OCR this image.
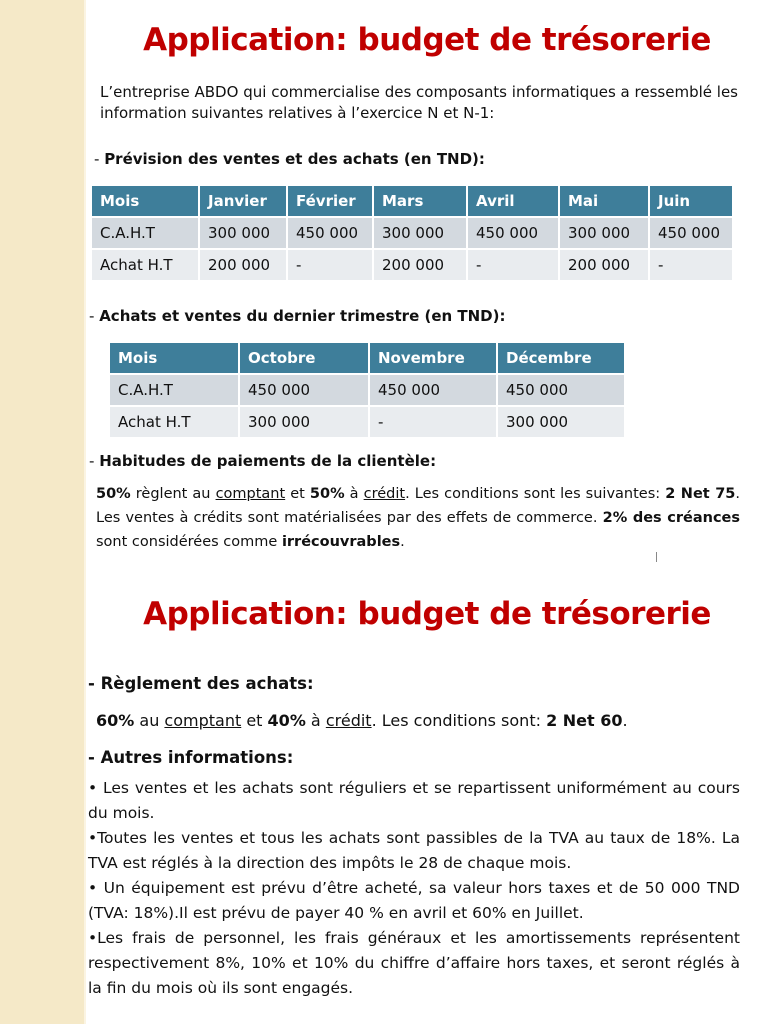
Application: budget de trésorerie
L’entreprise ABDO qui commercialise des composants informatiques a ressemblé les information suivantes relatives à l’exercice N et N-1:
- Prévision des ventes et des achats (en TND):
Mois	Janvier	Février	Mars	Avril	Mai	Juin
C.A.H.T	300 000	450 000	300 000	450 000	300 000	450 000
Achat H.T	200 000	-	200 000	-	200 000	-
- Achats et ventes du dernier trimestre (en TND):
Mois	Octobre	Novembre	Décembre
C.A.H.T	450 000	450 000	450 000
Achat H.T	300 000	-	300 000
- Habitudes de paiements de la clientèle:
50% règlent au comptant et 50% à crédit. Les conditions sont les suivantes: 2 Net 75. Les ventes à crédits sont matérialisées par des effets de commerce. 2% des créances sont considérées comme irrécouvrables.
Application: budget de trésorerie
- Règlement des achats:
60% au comptant et 40% à crédit. Les conditions sont: 2 Net 60.
- Autres informations:
• Les ventes et les achats sont réguliers et se repartissent uniformément au cours du mois.
•Toutes les ventes et tous les achats sont passibles de la TVA au taux de 18%. La TVA est réglés à la direction des impôts le 28 de chaque mois.
• Un équipement est prévu d’être acheté, sa valeur hors taxes et de 50 000 TND (TVA: 18%).Il est prévu de payer 40 % en avril et 60% en Juillet.
•Les frais de personnel, les frais généraux et les amortissements représentent respectivement 8%, 10% et 10% du chiffre d’affaire hors taxes, et seront réglés à la fin du mois où ils sont engagés.
